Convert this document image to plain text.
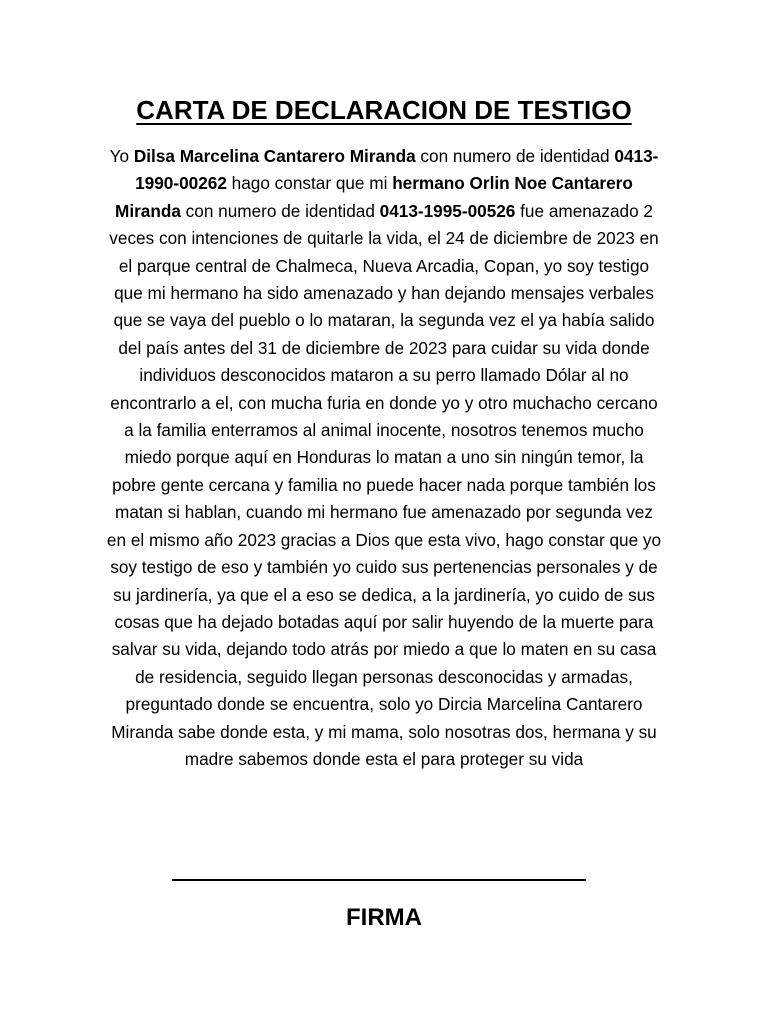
CARTA DE DECLARACION DE TESTIGO

Yo Dilsa Marcelina Cantarero Miranda con numero de identidad 0413-1990-00262 hago constar que mi hermano Orlin Noe Cantarero Miranda con numero de identidad 0413-1995-00526 fue amenazado 2 veces con intenciones de quitarle la vida, el 24 de diciembre de 2023 en el parque central de Chalmeca, Nueva Arcadia, Copan, yo soy testigo que mi hermano ha sido amenazado y han dejando mensajes verbales que se vaya del pueblo o lo mataran, la segunda vez el ya había salido del país antes del 31 de diciembre de 2023 para cuidar su vida donde individuos desconocidos mataron a su perro llamado Dólar al no encontrarlo a el, con mucha furia en donde yo y otro muchacho cercano a la familia enterramos al animal inocente, nosotros tenemos mucho miedo porque aquí en Honduras lo matan a uno sin ningún temor, la pobre gente cercana y familia no puede hacer nada porque también los matan si hablan, cuando mi hermano fue amenazado por segunda vez en el mismo año 2023 gracias a Dios que esta vivo, hago constar que yo soy testigo de eso y también yo cuido sus pertenencias personales y de su jardinería, ya que el a eso se dedica, a la jardinería, yo cuido de sus cosas que ha dejado botadas aquí por salir huyendo de la muerte para salvar su vida, dejando todo atrás por miedo a que lo maten en su casa de residencia, seguido llegan personas desconocidas y armadas, preguntado donde se encuentra, solo yo Dircia Marcelina Cantarero Miranda sabe donde esta, y mi mama, solo nosotras dos, hermana y su madre sabemos donde esta el para proteger su vida

FIRMA
